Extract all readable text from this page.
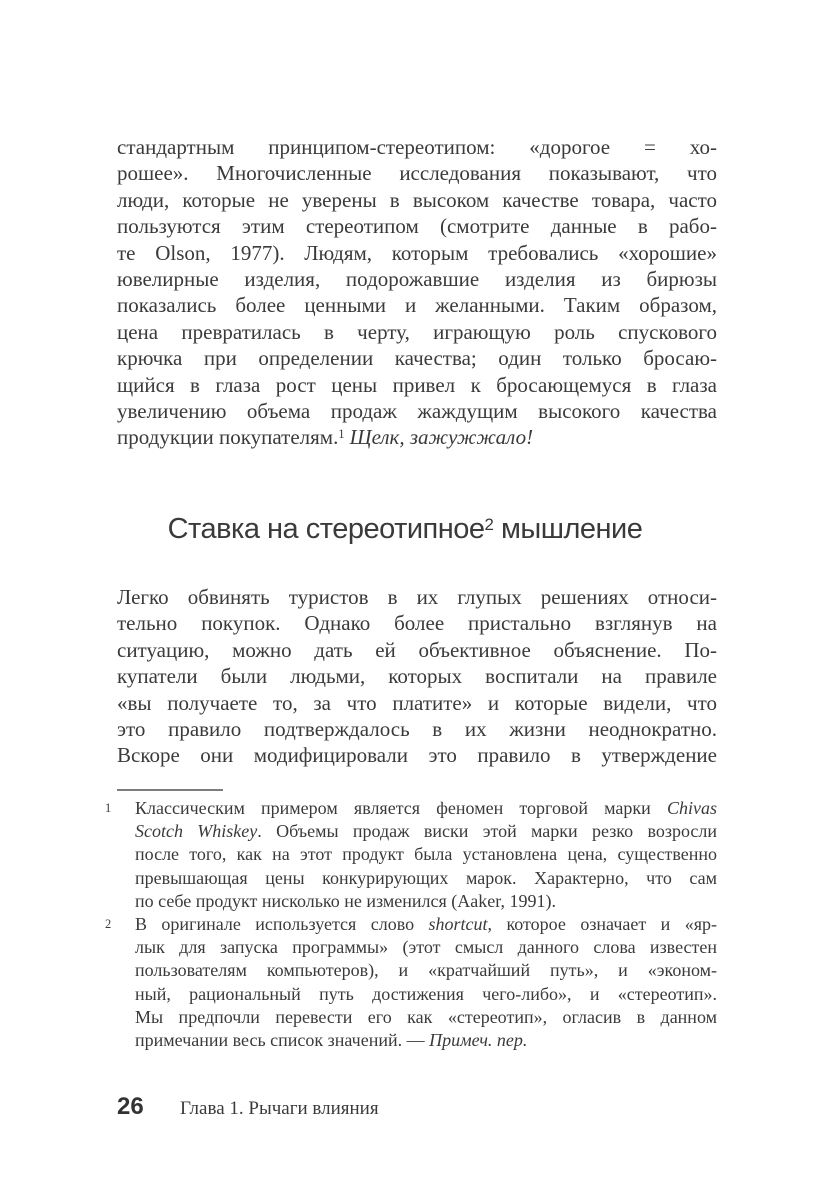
стандартным принципом-стереотипом: «дорогое = хо-
рошее». Многочисленные исследования показывают, что
люди, которые не уверены в высоком качестве товара, часто
пользуются этим стереотипом (смотрите данные в рабо-
те Olson, 1977). Людям, которым требовались «хорошие»
ювелирные изделия, подорожавшие изделия из бирюзы
показались более ценными и желанными. Таким образом,
цена превратилась в черту, играющую роль спускового
крючка при определении качества; один только бросаю-
щийся в глаза рост цены привел к бросающемуся в глаза
увеличению объема продаж жаждущим высокого качества
продукции покупателям.$^1$ Щелк, зажужжало!
Ставка на стереотипное$^2$ мышление
Легко обвинять туристов в их глупых решениях относи-
тельно покупок. Однако более пристально взглянув на
ситуацию, можно дать ей объективное объяснение. По-
купатели были людьми, которых воспитали на правиле
«вы получаете то, за что платите» и которые видели, что
это правило подтверждалось в их жизни неоднократно.
Вскоре они модифицировали это правило в утверждение
1 Классическим примером является феномен торговой марки Chivas
Scotch Whiskey. Объемы продаж виски этой марки резко возросли
после того, как на этот продукт была установлена цена, существенно
превышающая цены конкурирующих марок. Характерно, что сам
по себе продукт нисколько не изменился (Aaker, 1991).
2 В оригинале используется слово shortcut, которое означает и «яр-
лык для запуска программы» (этот смысл данного слова известен
пользователям компьютеров), и «кратчайший путь», и «эконом-
ный, рациональный путь достижения чего-либо», и «стереотип».
Мы предпочли перевести его как «стереотип», огласив в данном
примечании весь список значений. — Примеч. пер.
26	Глава 1. Рычаги влияния
